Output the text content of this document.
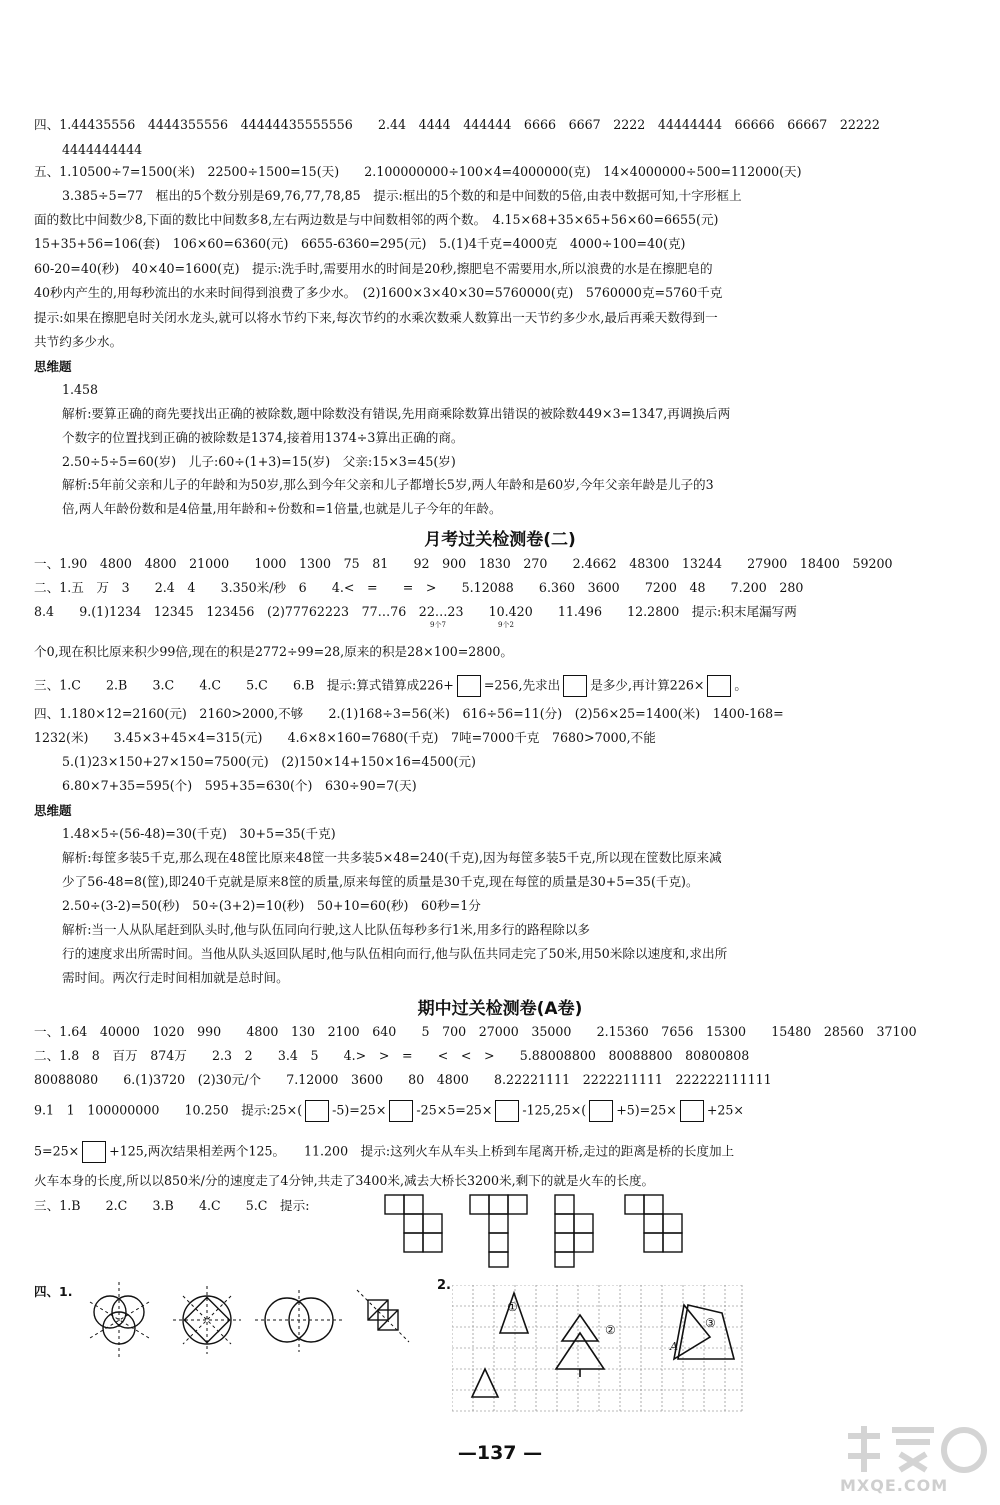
四、1.44435556　4444355556　44444435555556　　2.44　4444　444444　6666　6667　2222　44444444　66666　66667　22222
4444444444
五、1.10500÷7=1500(米)　22500÷1500=15(天)　　2.100000000÷100×4=4000000(克)　14×4000000÷500=112000(天)
3.385÷5=77　框出的5个数分别是69,76,77,78,85　提示:框出的5个数的和是中间数的5倍,由表中数据可知,十字形框上
面的数比中间数少8,下面的数比中间数多8,左右两边数是与中间数相邻的两个数。　4.15×68+35×65+56×60=6655(元)
15+35+56=106(套)　106×60=6360(元)　6655-6360=295(元)　5.(1)4千克=4000克　4000÷100=40(克)
60-20=40(秒)　40×40=1600(克)　提示:洗手时,需要用水的时间是20秒,擦肥皂不需要用水,所以浪费的水是在擦肥皂的
40秒内产生的,用每秒流出的水来时间得到浪费了多少水。　(2)1600×3×40×30=5760000(克)　5760000克=5760千克
提示:如果在擦肥皂时关闭水龙头,就可以将水节约下来,每次节约的水乘次数乘人数算出一天节约多少水,最后再乘天数得到一
共节约多少水。
思维题
1.458
解析:要算正确的商先要找出正确的被除数,题中除数没有错误,先用商乘除数算出错误的被除数449×3=1347,再调换后两
个数字的位置找到正确的被除数是1374,接着用1374÷3算出正确的商。
2.50÷5÷5=60(岁)　儿子:60÷(1+3)=15(岁)　父亲:15×3=45(岁)
解析:5年前父亲和儿子的年龄和为50岁,那么到今年父亲和儿子都增长5岁,两人年龄和是60岁,今年父亲年龄是儿子的3
倍,两人年龄份数和是4倍量,用年龄和÷份数和=1倍量,也就是儿子今年的年龄。
月考过关检测卷(二)
一、1.90　4800　4800　21000　　1000　1300　75　81　　92　900　1830　270　　2.4662　48300　13244　　27900　18400　59200
二、1.五　万　3　　2.4　4　　3.350米/秒　6　　4.<　=　　=　>　　5.12088　　6.360　3600　　7200　48　　7.200　280
8.4　　9.(1)1234　12345　123456　(2)77762223　77…76　22…23　　10.420　　11.496　　12.2800　提示:积末尾漏写两
9个7	9个2
个0,现在积比原来积少99倍,现在的积是2772÷99=28,原来的积是28×100=2800。
三、1.C　　2.B　　3.C　　4.C　　5.C　　6.B　提示:算式错算成226+ =256,先求出 是多少,再计算226× 。
四、1.180×12=2160(元)　2160>2000,不够　　2.(1)168÷3=56(米)　616÷56=11(分)　(2)56×25=1400(米)　1400-168=
1232(米)　　3.45×3+45×4=315(元)　　4.6×8×160=7680(千克)　7吨=7000千克　7680>7000,不能
5.(1)23×150+27×150=7500(元)　(2)150×14+150×16=4500(元)
6.80×7+35=595(个)　595+35=630(个)　630÷90=7(天)
思维题
1.48×5÷(56-48)=30(千克)　30+5=35(千克)
解析:每筐多装5千克,那么现在48筐比原来48筐一共多装5×48=240(千克),因为每筐多装5千克,所以现在筐数比原来减
少了56-48=8(筐),即240千克就是原来8筐的质量,原来每筐的质量是30千克,现在每筐的质量是30+5=35(千克)。
2.50÷(3-2)=50(秒)　50÷(3+2)=10(秒)　50+10=60(秒)　60秒=1分
解析:当一人从队尾赶到队头时,他与队伍同向行驶,这人比队伍每秒多行1米,用多行的路程除以多
行的速度求出所需时间。当他从队头返回队尾时,他与队伍相向而行,他与队伍共同走完了50米,用50米除以速度和,求出所
需时间。两次行走时间相加就是总时间。
期中过关检测卷(A卷)
一、1.64　40000　1020　990　　4800　130　2100　640　　5　700　27000　35000　　2.15360　7656　15300　　15480　28560　37100
二、1.8　8　百万　874万　　2.3　2　　3.4　5　　4.>　>　=　　<　<　>　　5.88008800　80088800　80800808
80088080　　6.(1)3720　(2)30元/个　　7.12000　3600　　80　4800　　8.22221111　2222211111　222222111111
9.1　1　100000000　　10.250　提示:25×( -5)=25× -25×5=25× -125,25×( +5)=25× +25×
5=25× +125,两次结果相差两个125。　　11.200　提示:这列火车从车头上桥到车尾离开桥,走过的距离是桥的长度加上
火车本身的长度,所以以850米/分的速度走了4分钟,共走了3400米,减去大桥长3200米,剩下的就是火车的长度。
三、1.B　　2.C　　3.B　　4.C　　5.C　提示:
四、1.	2.
①
②	③
A
—137 —
MXQE.COM
